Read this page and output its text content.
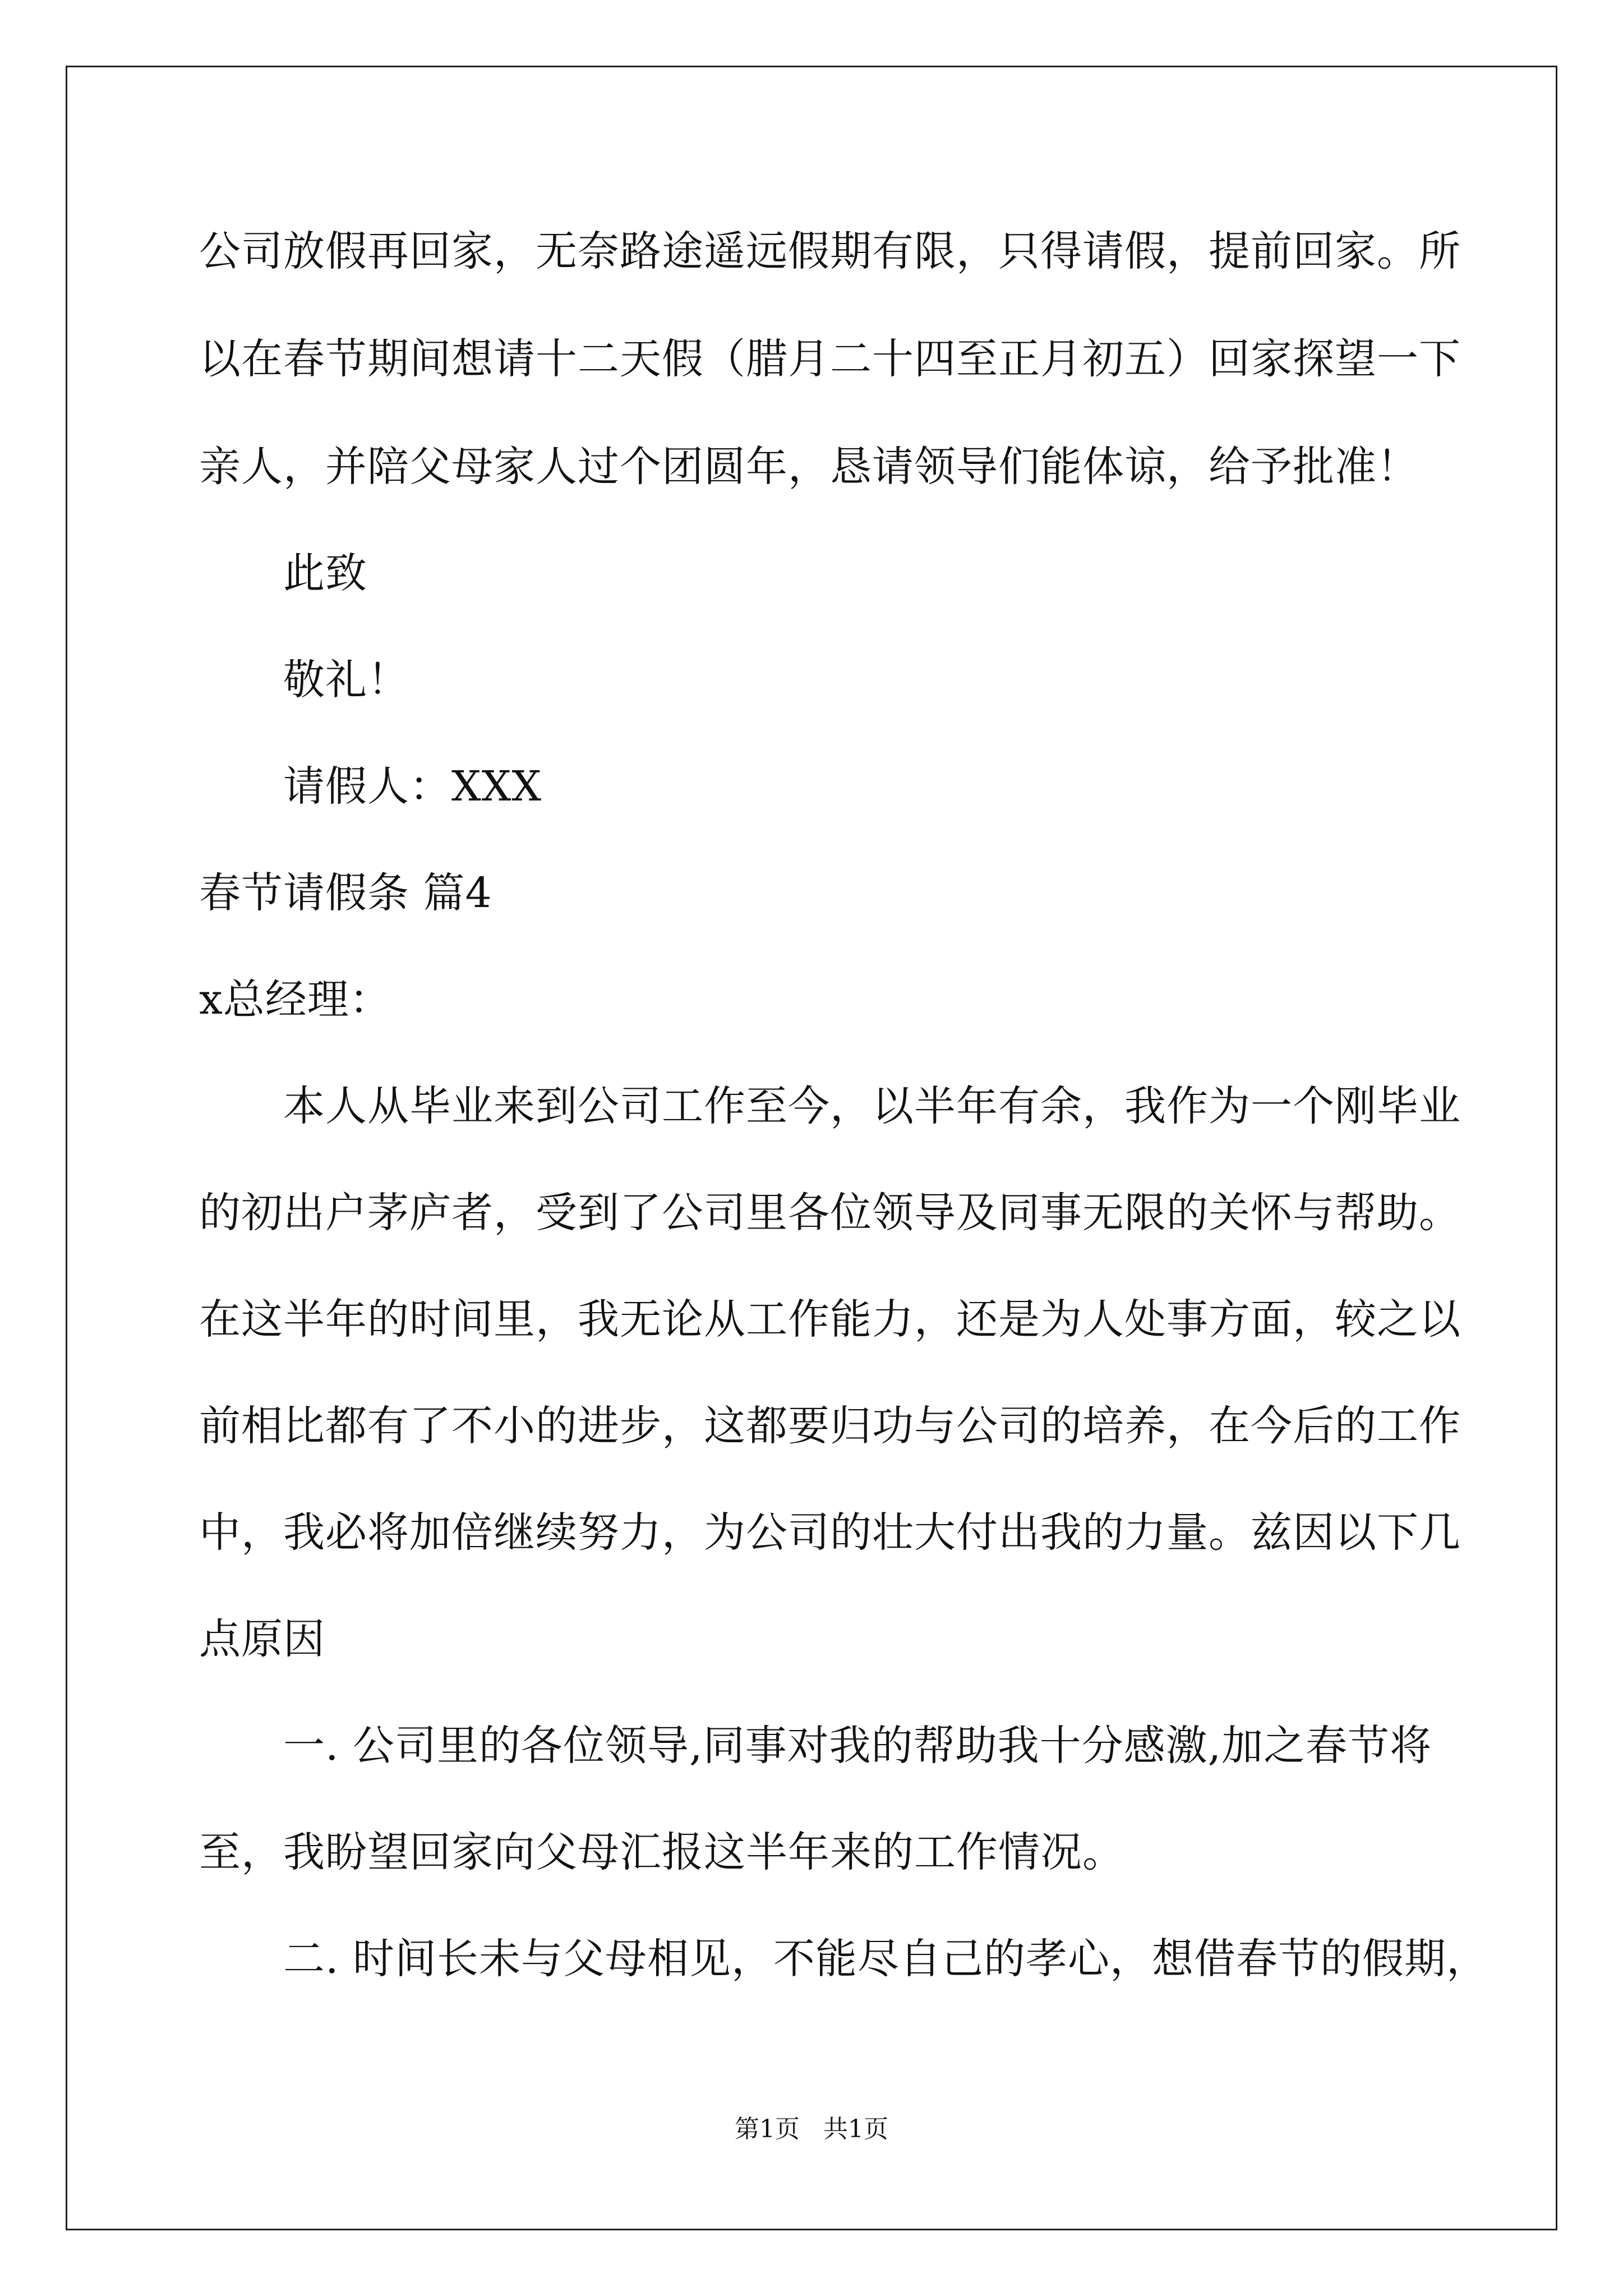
公司放假再回家，无奈路途遥远假期有限，只得请假，提前回家。所
以在春节期间想请十二天假（腊月二十四至正月初五）回家探望一下
亲人，并陪父母家人过个团圆年，恳请领导们能体谅，给予批准！
此致
敬礼！
请假人：XXX
春节请假条 篇4
x总经理：
本人从毕业来到公司工作至今，以半年有余，我作为一个刚毕业
的初出户茅庐者，受到了公司里各位领导及同事无限的关怀与帮助。
在这半年的时间里，我无论从工作能力，还是为人处事方面，较之以
前相比都有了不小的进步，这都要归功与公司的培养，在今后的工作
中，我必将加倍继续努力，为公司的壮大付出我的力量。兹因以下几
点原因
一. 公司里的各位领导,同事对我的帮助我十分感激,加之春节将
至，我盼望回家向父母汇报这半年来的工作情况。
二. 时间长未与父母相见，不能尽自己的孝心，想借春节的假期，
第1页   共1页
